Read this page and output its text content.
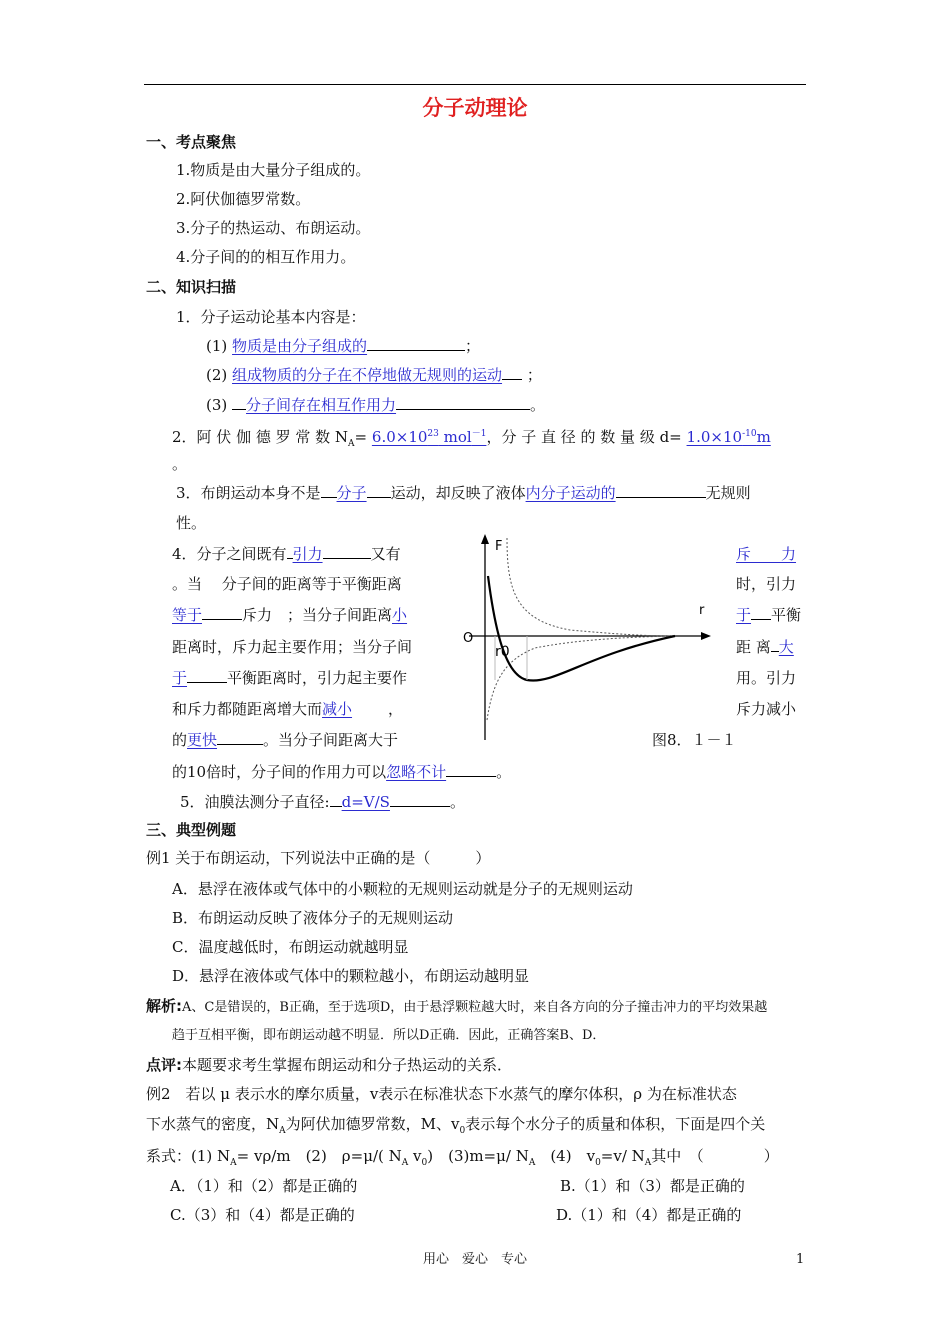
分子动理论
一、考点聚焦
1.物质是由大量分子组成的。
2.阿伏伽德罗常数。
3.分子的热运动、布朗运动。
4.分子间的的相互作用力。
二、知识扫描
1．分子运动论基本内容是：
(1) 物质是由分子组成的	；
(2) 组成物质的分子在不停地做无规则的运动 ；
(3) 分子间存在相互作用力	。
2．阿 伏 伽 德 罗 常 数 $N_A= 6.0\times 10^{23}$ mol$^{-1}$，分 子 直 径 的 数 量 级 $d= 1.0\times 10^{-10}m$
。
3．布朗运动本身不是 分子 运动，却反映了液体内分子运动的	无规则
性。
4．分子之间既有 引力	又有	斥　　力
。当　 分子间的距离等于平衡距离	时，引力
等于	斥力　；当分子间距离小	于 平衡
距离时，斥力起主要作用；当分子间	距 离 大
于	平衡距离时，引力起主要作	用。引力
和斥力都随距离增大而减小 ，	斥力减小
的更快	。当分子间距离大于	图8．１－１
的10倍时，分子间的作用力可以忽略不计	。
5．油膜法测分子直径: d=V/S	。
F
r
O
r0
三、典型例题
例1 关于布朗运动，下列说法中正确的是（　　　）
A．悬浮在液体或气体中的小颗粒的无规则运动就是分子的无规则运动
B．布朗运动反映了液体分子的无规则运动
C．温度越低时，布朗运动就越明显
D．悬浮在液体或气体中的颗粒越小，布朗运动越明显
解析:A、C是错误的，B正确，至于选项D，由于悬浮颗粒越大时，来自各方向的分子撞击冲力的平均效果越
趋于互相平衡，即布朗运动越不明显．所以D正确．因此，正确答案B、D．
点评:本题要求考生掌握布朗运动和分子热运动的关系．
例2　若以 μ 表示水的摩尔质量，v表示在标准状态下水蒸气的摩尔体积，ρ 为在标准状态
下水蒸气的密度，$N_A$为阿伏加德罗常数，M、$v_0$表示每个水分子的质量和体积，下面是四个关
系式：(1) $N_A= v\rho/m$　(2)　ρ=μ/( $N_A$ $v_0$)　(3)m=μ/ $N_A$　(4)　$v_0=v/$ $N_A$其中　（　　　　）
A．（1）和（2）都是正确的	B.（1）和（3）都是正确的
C.（3）和（4）都是正确的	D.（1）和（4）都是正确的
用心　爱心　专心	1
